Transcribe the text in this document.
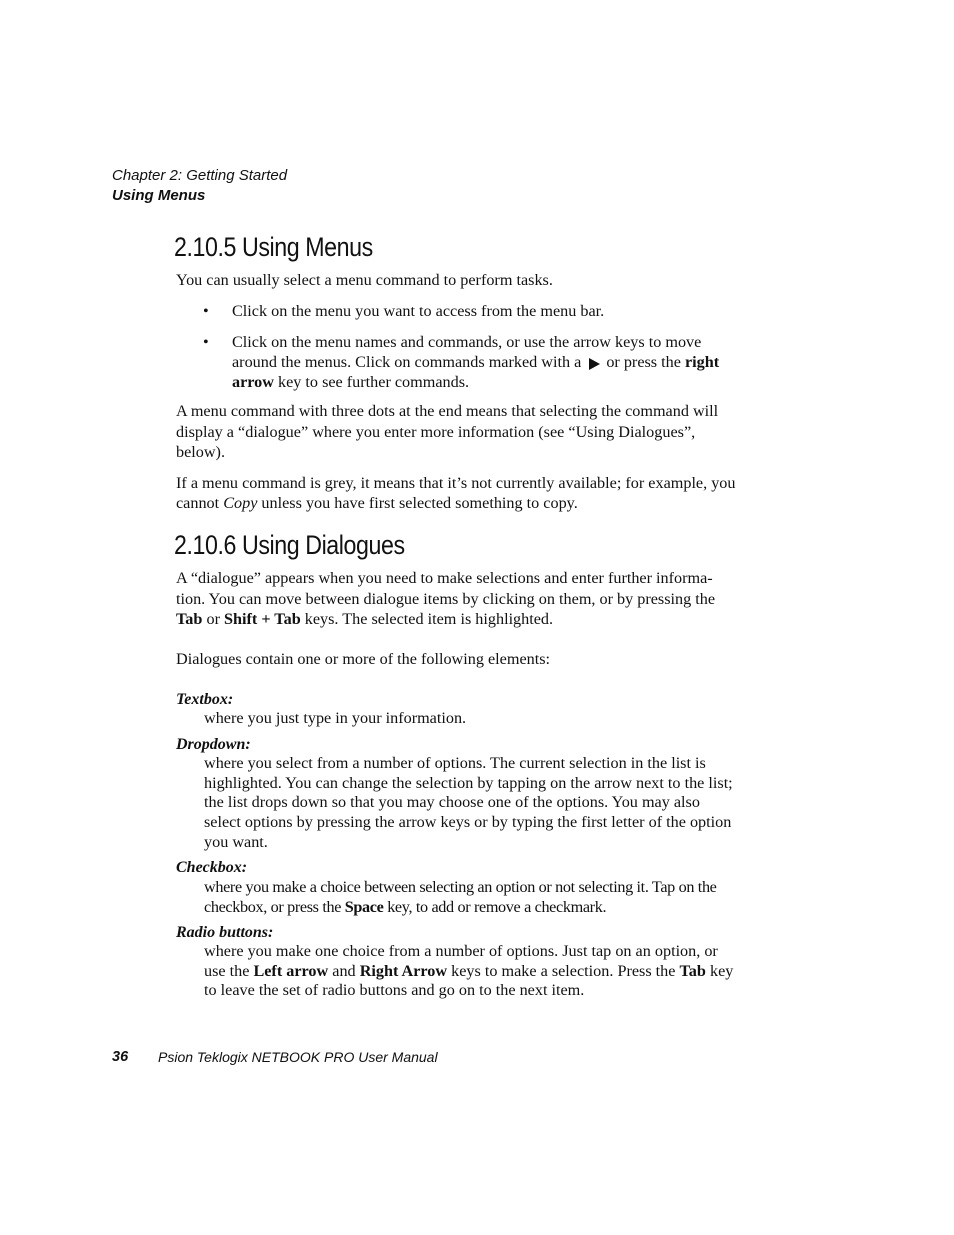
Chapter 2: Getting Started
Using Menus
2.10.5 Using Menus

You can usually select a menu command to perform tasks.

• Click on the menu you want to access from the menu bar.
• Click on the menu names and commands, or use the arrow keys to move around the menus. Click on commands marked with a or press the right arrow key to see further commands.

A menu command with three dots at the end means that selecting the command will display a “dialogue” where you enter more information (see “Using Dialogues”, below).

If a menu command is grey, it means that it’s not currently available; for example, you cannot Copy unless you have first selected something to copy.

2.10.6 Using Dialogues

A “dialogue” appears when you need to make selections and enter further informa-tion. You can move between dialogue items by clicking on them, or by pressing the Tab or Shift + Tab keys. The selected item is highlighted.

Dialogues contain one or more of the following elements:

Textbox:
where you just type in your information.
Dropdown:
where you select from a number of options. The current selection in the list is highlighted. You can change the selection by tapping on the arrow next to the list; the list drops down so that you may choose one of the options. You may also select options by pressing the arrow keys or by typing the first letter of the option you want.
Checkbox:
where you make a choice between selecting an option or not selecting it. Tap on the checkbox, or press the Space key, to add or remove a checkmark.
Radio buttons:
where you make one choice from a number of options. Just tap on an option, or use the Left arrow and Right Arrow keys to make a selection. Press the Tab key to leave the set of radio buttons and go on to the next item.
36 Psion Teklogix NETBOOK PRO User Manual
